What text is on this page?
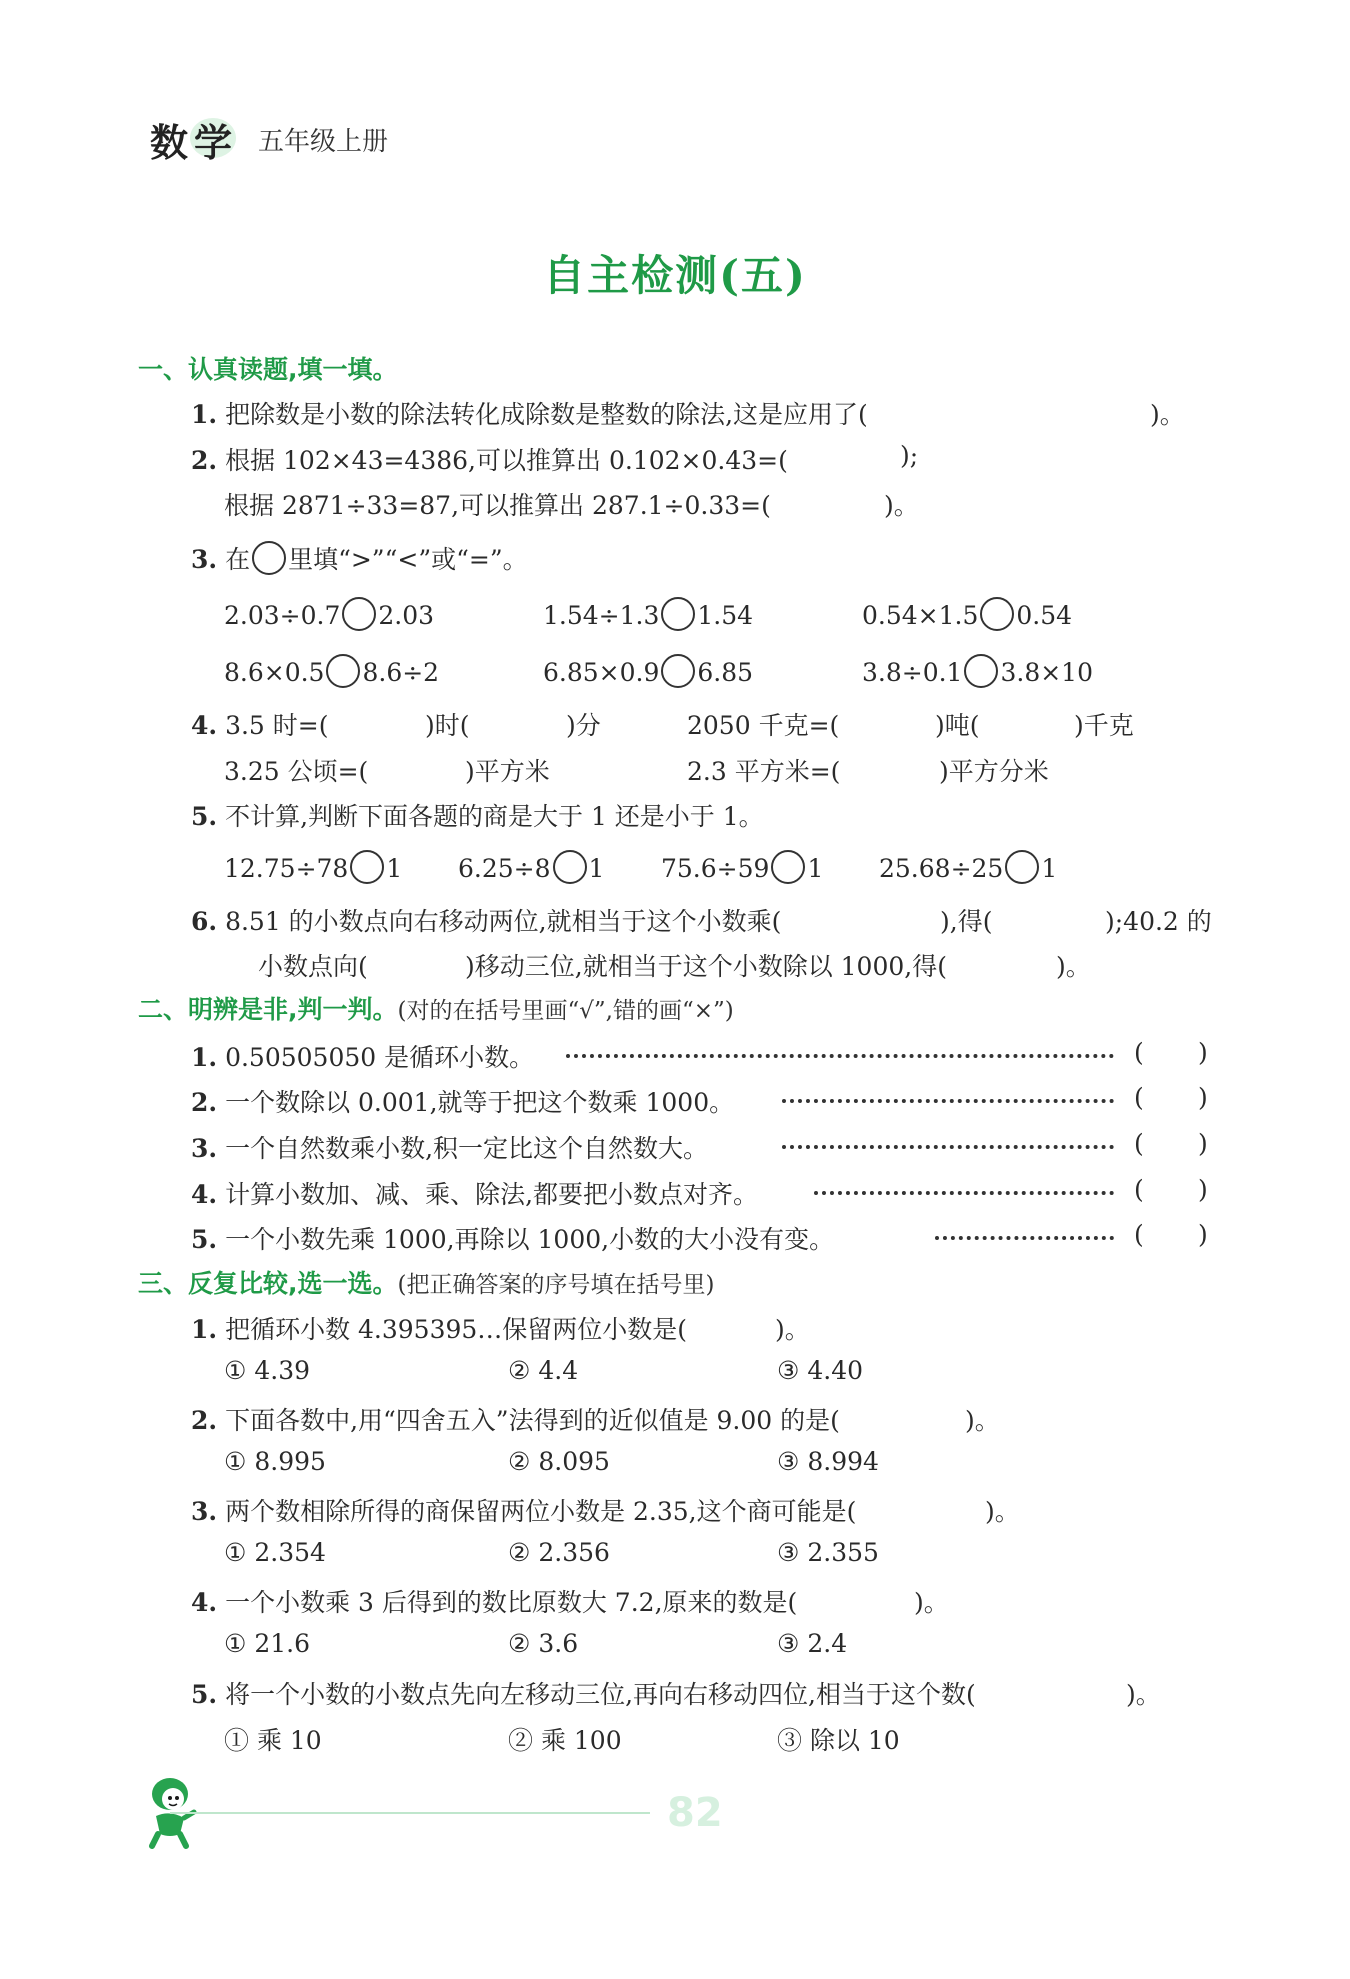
数学 五年级上册
自主检测(五)
一、认真读题,填一填。
1. 把除数是小数的除法转化成除数是整数的除法,这是应用了(	)。
2. 根据 102×43=4386,可以推算出 0.102×0.43=(	);
根据 2871÷33=87,可以推算出 287.1÷0.33=(	)。
3. 在 里填“>”“<”或“=”。
2.03÷0.7 2.03	1.54÷1.3 1.54	0.54×1.5 0.54
8.6×0.5 8.6÷2	6.85×0.9 6.85	3.8÷0.1 3.8×10
4. 3.5 时=(	)时(	)分	2050 千克=(	)吨(	)千克
3.25 公顷=(	)平方米	2.3 平方米=(	)平方分米
5. 不计算,判断下面各题的商是大于 1 还是小于 1。
12.75÷78 1 6.25÷8 1 75.6÷59 1 25.68÷25 1
6. 8.51 的小数点向右移动两位,就相当于这个小数乘(	),得(	);40.2 的
小数点向(	)移动三位,就相当于这个小数除以 1000,得(	)。
二、明辨是非,判一判。(对的在括号里画“√”,错的画“×”)
1. 0.50505050 是循环小数。	( )
2. 一个数除以 0.001,就等于把这个数乘 1000。	( )
3. 一个自然数乘小数,积一定比这个自然数大。	( )
4. 计算小数加、减、乘、除法,都要把小数点对齐。	( )
5. 一个小数先乘 1000,再除以 1000,小数的大小没有变。	( )
三、反复比较,选一选。(把正确答案的序号填在括号里)
1. 把循环小数 4.395395…保留两位小数是(	)。
① 4.39	② 4.4	③ 4.40
2. 下面各数中,用“四舍五入”法得到的近似值是 9.00 的是(	)。
① 8.995	② 8.095	③ 8.994
3. 两个数相除所得的商保留两位小数是 2.35,这个商可能是(	)。
① 2.354	② 2.356	③ 2.355
4. 一个小数乘 3 后得到的数比原数大 7.2,原来的数是(	)。
① 21.6	② 3.6	③ 2.4
5. 将一个小数的小数点先向左移动三位,再向右移动四位,相当于这个数(	)。
① 乘 10	② 乘 100	③ 除以 10
82
